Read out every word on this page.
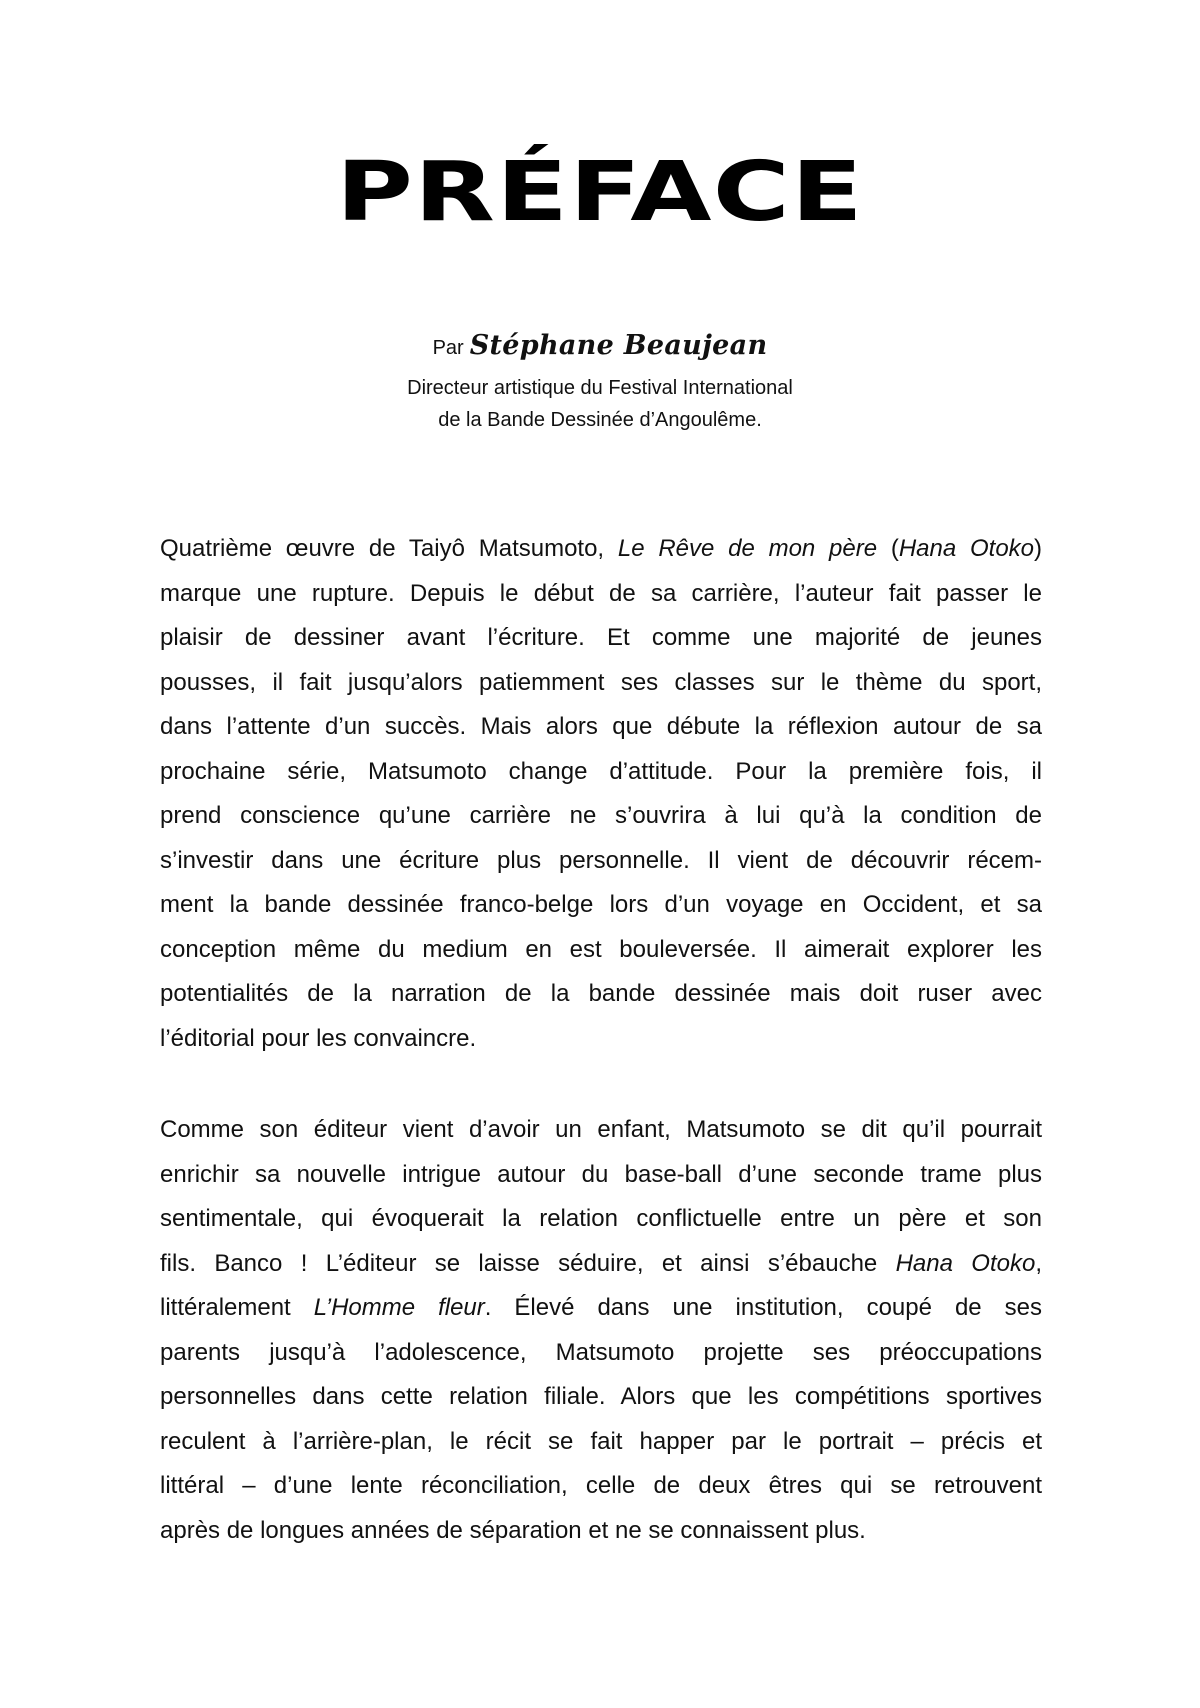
PRÉFACE
Par Stéphane Beaujean
Directeur artistique du Festival International
de la Bande Dessinée d’Angoulême.
Quatrième œuvre de Taiyô Matsumoto, Le Rêve de mon père (Hana Otoko)
marque une rupture. Depuis le début de sa carrière, l’auteur fait passer le
plaisir de dessiner avant l’écriture. Et comme une majorité de jeunes
pousses, il fait jusqu’alors patiemment ses classes sur le thème du sport,
dans l’attente d’un succès. Mais alors que débute la réflexion autour de sa
prochaine série, Matsumoto change d’attitude. Pour la première fois, il
prend conscience qu’une carrière ne s’ouvrira à lui qu’à la condition de
s’investir dans une écriture plus personnelle. Il vient de découvrir récem-
ment la bande dessinée franco-belge lors d’un voyage en Occident, et sa
conception même du medium en est bouleversée. Il aimerait explorer les
potentialités de la narration de la bande dessinée mais doit ruser avec
l’éditorial pour les convaincre.
Comme son éditeur vient d’avoir un enfant, Matsumoto se dit qu’il pourrait
enrichir sa nouvelle intrigue autour du base-ball d’une seconde trame plus
sentimentale, qui évoquerait la relation conflictuelle entre un père et son
fils. Banco ! L’éditeur se laisse séduire, et ainsi s’ébauche Hana Otoko,
littéralement L’Homme fleur. Élevé dans une institution, coupé de ses
parents jusqu’à l’adolescence, Matsumoto projette ses préoccupations
personnelles dans cette relation filiale. Alors que les compétitions sportives
reculent à l’arrière-plan, le récit se fait happer par le portrait – précis et
littéral – d’une lente réconciliation, celle de deux êtres qui se retrouvent
après de longues années de séparation et ne se connaissent plus.
